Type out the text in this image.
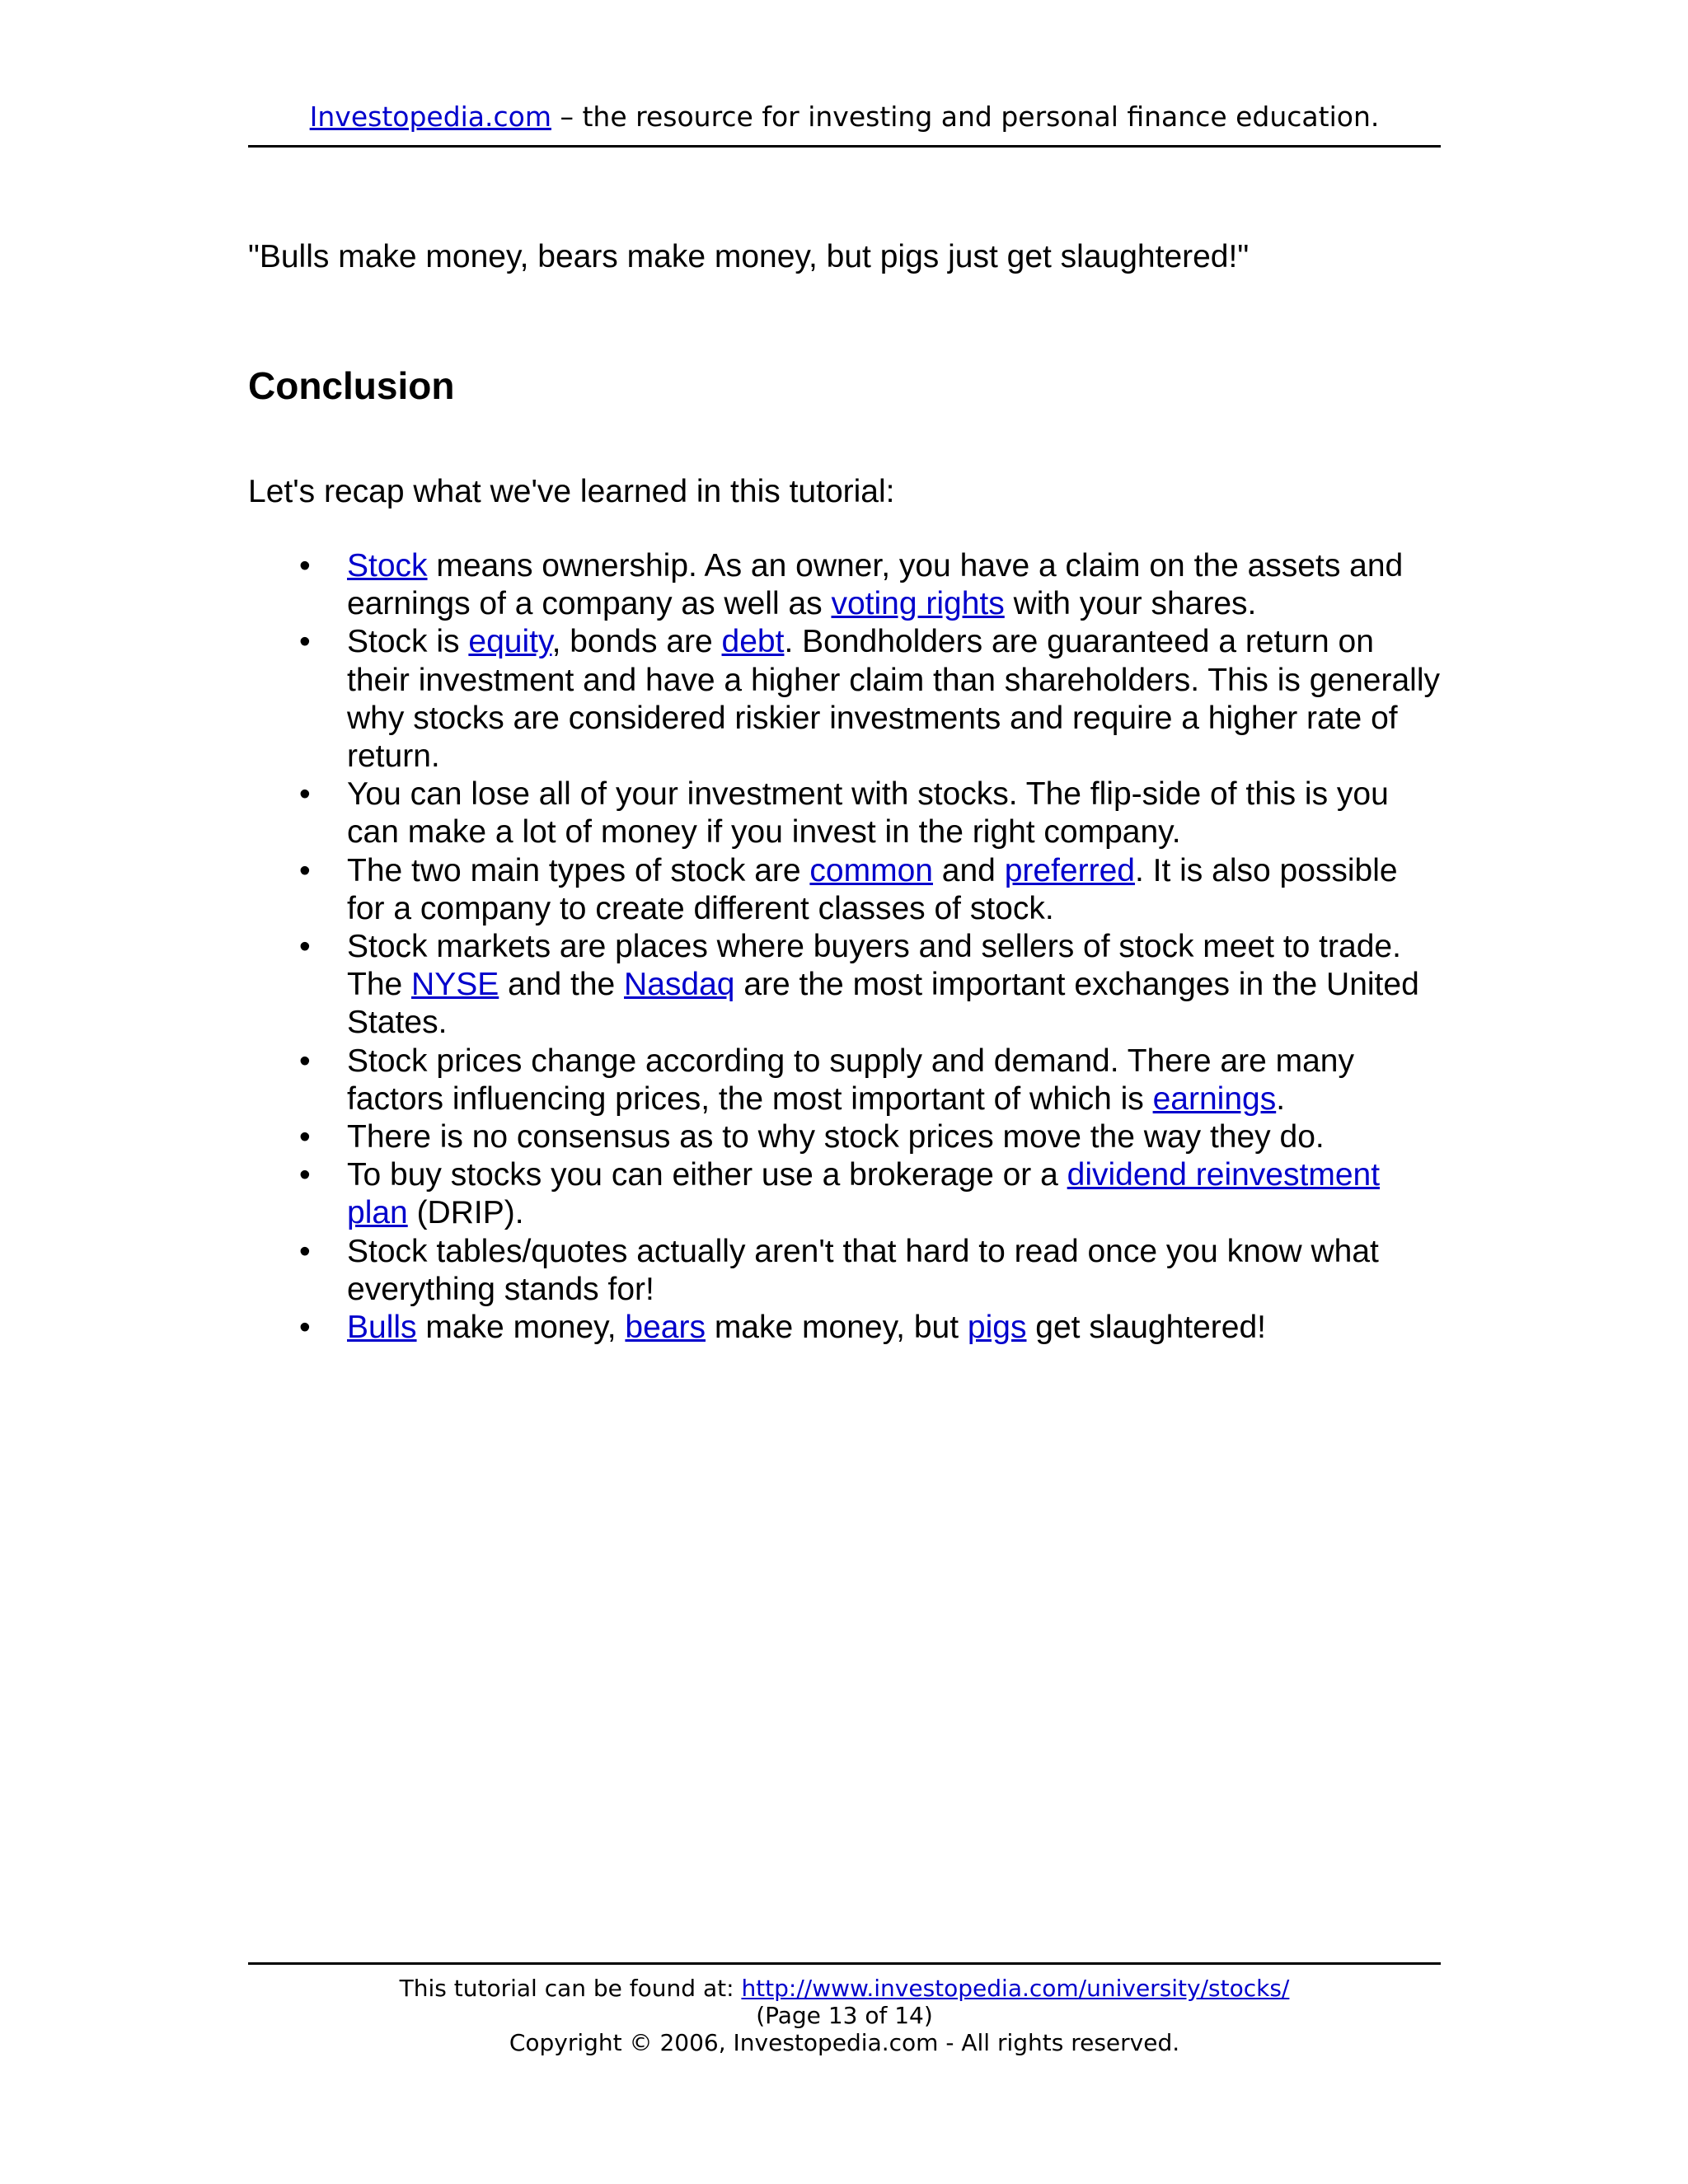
Investopedia.com – the resource for investing and personal finance education.
"Bulls make money, bears make money, but pigs just get slaughtered!"
Conclusion
Let's recap what we've learned in this tutorial:
• Stock means ownership. As an owner, you have a claim on the assets and earnings of a company as well as voting rights with your shares.
• Stock is equity, bonds are debt. Bondholders are guaranteed a return on their investment and have a higher claim than shareholders. This is generally why stocks are considered riskier investments and require a higher rate of return.
• You can lose all of your investment with stocks. The flip-side of this is you can make a lot of money if you invest in the right company.
• The two main types of stock are common and preferred. It is also possible for a company to create different classes of stock.
• Stock markets are places where buyers and sellers of stock meet to trade. The NYSE and the Nasdaq are the most important exchanges in the United States.
• Stock prices change according to supply and demand. There are many factors influencing prices, the most important of which is earnings.
• There is no consensus as to why stock prices move the way they do.
• To buy stocks you can either use a brokerage or a dividend reinvestment plan (DRIP).
• Stock tables/quotes actually aren't that hard to read once you know what everything stands for!
• Bulls make money, bears make money, but pigs get slaughtered!
This tutorial can be found at: http://www.investopedia.com/university/stocks/
(Page 13 of 14)
Copyright © 2006, Investopedia.com - All rights reserved.
